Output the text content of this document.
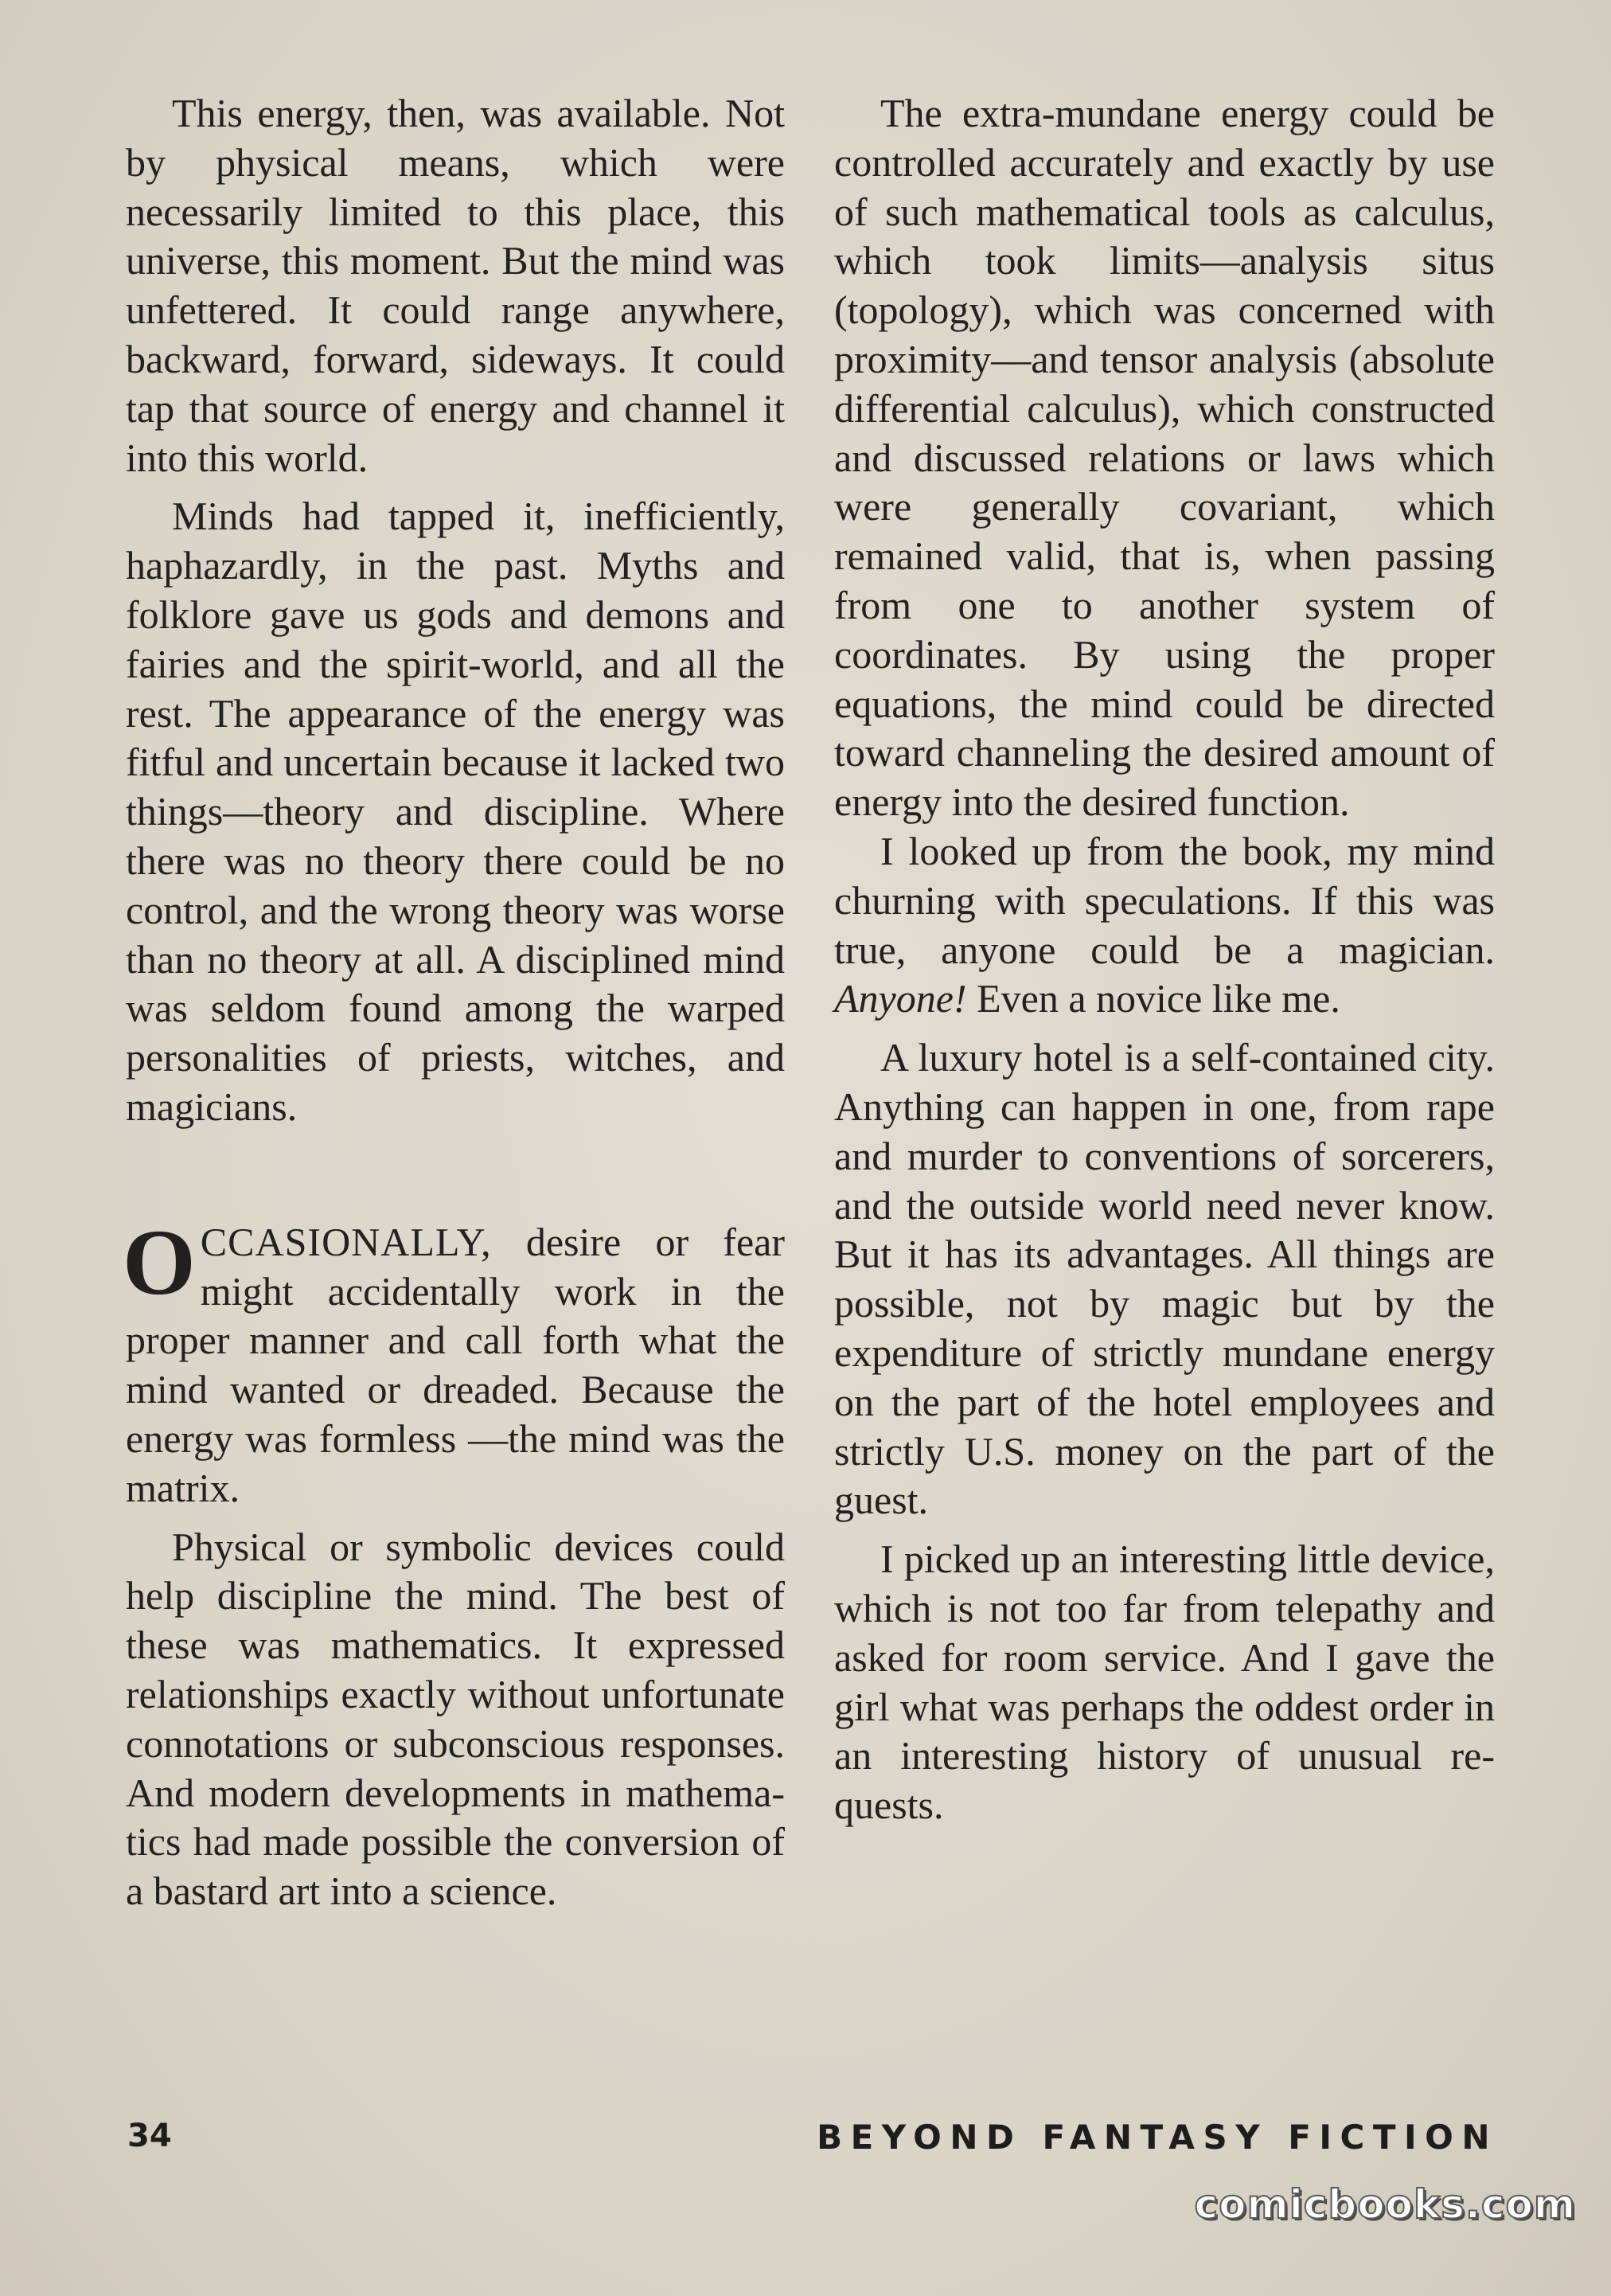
This energy, then, was available. Not by physical means, which were necessarily limited to this place, this universe, this moment. But the mind was unfettered. It could range anywhere, backward, forward, sideways. It could tap that source of energy and channel it into this world.

Minds had tapped it, inefficiently, haphazardly, in the past. Myths and folklore gave us gods and demons and fairies and the spirit-world, and all the rest. The appearance of the energy was fitful and uncertain because it lacked two things—theory and discipline. Where there was no theory there could be no control, and the wrong theory was worse than no theory at all. A disciplined mind was seldom found among the warped personalities of priests, witches, and magicians.

OCCASIONALLY, desire or fear might accidentally work in the proper manner and call forth what the mind wanted or dreaded. Because the energy was formless —the mind was the matrix.

Physical or symbolic devices could help discipline the mind. The best of these was mathematics. It expressed relationships exactly without unfortunate connotations or subconscious responses. And modern developments in mathematics had made possible the conversion of a bastard art into a science.

The extra-mundane energy could be controlled accurately and exactly by use of such mathematical tools as calculus, which took limits—analysis situs (topology), which was concerned with proximity—and tensor analysis (absolute differential calculus), which constructed and discussed relations or laws which were generally covariant, which remained valid, that is, when passing from one to another system of coordinates. By using the proper equations, the mind could be directed toward channeling the desired amount of energy into the desired function.

I looked up from the book, my mind churning with speculations. If this was true, anyone could be a magician. Anyone! Even a novice like me.

A luxury hotel is a self-contained city. Anything can happen in one, from rape and murder to conventions of sorcerers, and the outside world need never know. But it has its advantages. All things are possible, not by magic but by the expenditure of strictly mundane energy on the part of the hotel employees and strictly U.S. money on the part of the guest.

I picked up an interesting little device, which is not too far from telepathy and asked for room service. And I gave the girl what was perhaps the oddest order in an interesting history of unusual requests.

34	BEYOND FANTASY FICTION
comicbooks.com
